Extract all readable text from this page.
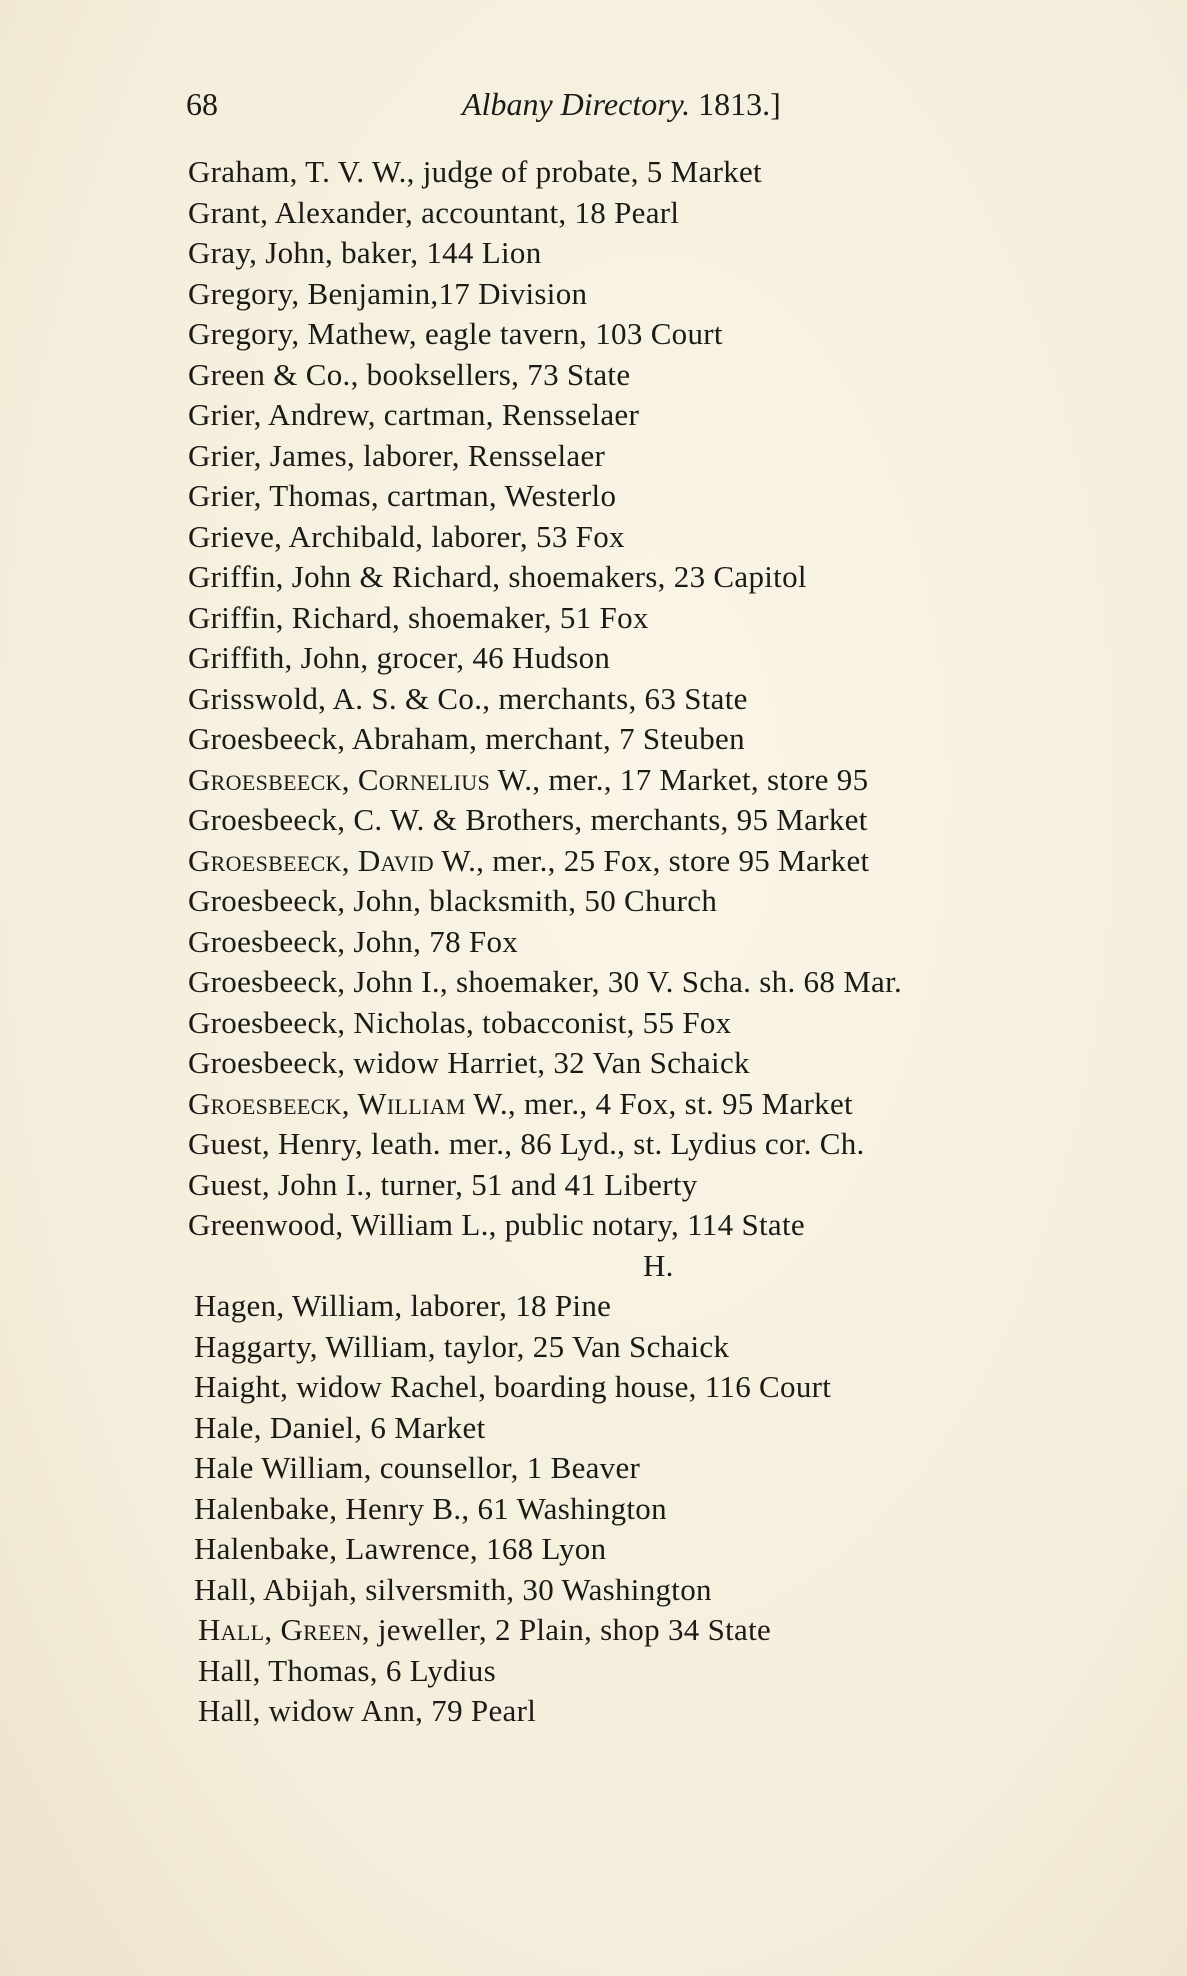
68	Albany Directory. 1813.]
Graham, T. V. W., judge of probate, 5 Market
Grant, Alexander, accountant, 18 Pearl
Gray, John, baker, 144 Lion
Gregory, Benjamin,17 Division
Gregory, Mathew, eagle tavern, 103 Court
Green & Co., booksellers, 73 State
Grier, Andrew, cartman, Rensselaer
Grier, James, laborer, Rensselaer
Grier, Thomas, cartman, Westerlo
Grieve, Archibald, laborer, 53 Fox
Griffin, John & Richard, shoemakers, 23 Capitol
Griffin, Richard, shoemaker, 51 Fox
Griffith, John, grocer, 46 Hudson
Grisswold, A. S. & Co., merchants, 63 State
Groesbeeck, Abraham, merchant, 7 Steuben
Groesbeeck, Cornelius W., mer., 17 Market, store 95
Groesbeeck, C. W. & Brothers, merchants, 95 Market
Groesbeeck, David W., mer., 25 Fox, store 95 Market
Groesbeeck, John, blacksmith, 50 Church
Groesbeeck, John, 78 Fox
Groesbeeck, John I., shoemaker, 30 V. Scha. sh. 68 Mar.
Groesbeeck, Nicholas, tobacconist, 55 Fox
Groesbeeck, widow Harriet, 32 Van Schaick
Groesbeeck, William W., mer., 4 Fox, st. 95 Market
Guest, Henry, leath. mer., 86 Lyd., st. Lydius cor. Ch.
Guest, John I., turner, 51 and 41 Liberty
Greenwood, William L., public notary, 114 State
H.
Hagen, William, laborer, 18 Pine
Haggarty, William, taylor, 25 Van Schaick
Haight, widow Rachel, boarding house, 116 Court
Hale, Daniel, 6 Market
Hale William, counsellor, 1 Beaver
Halenbake, Henry B., 61 Washington
Halenbake, Lawrence, 168 Lyon
Hall, Abijah, silversmith, 30 Washington
Hall, Green, jeweller, 2 Plain, shop 34 State
Hall, Thomas, 6 Lydius
Hall, widow Ann, 79 Pearl
